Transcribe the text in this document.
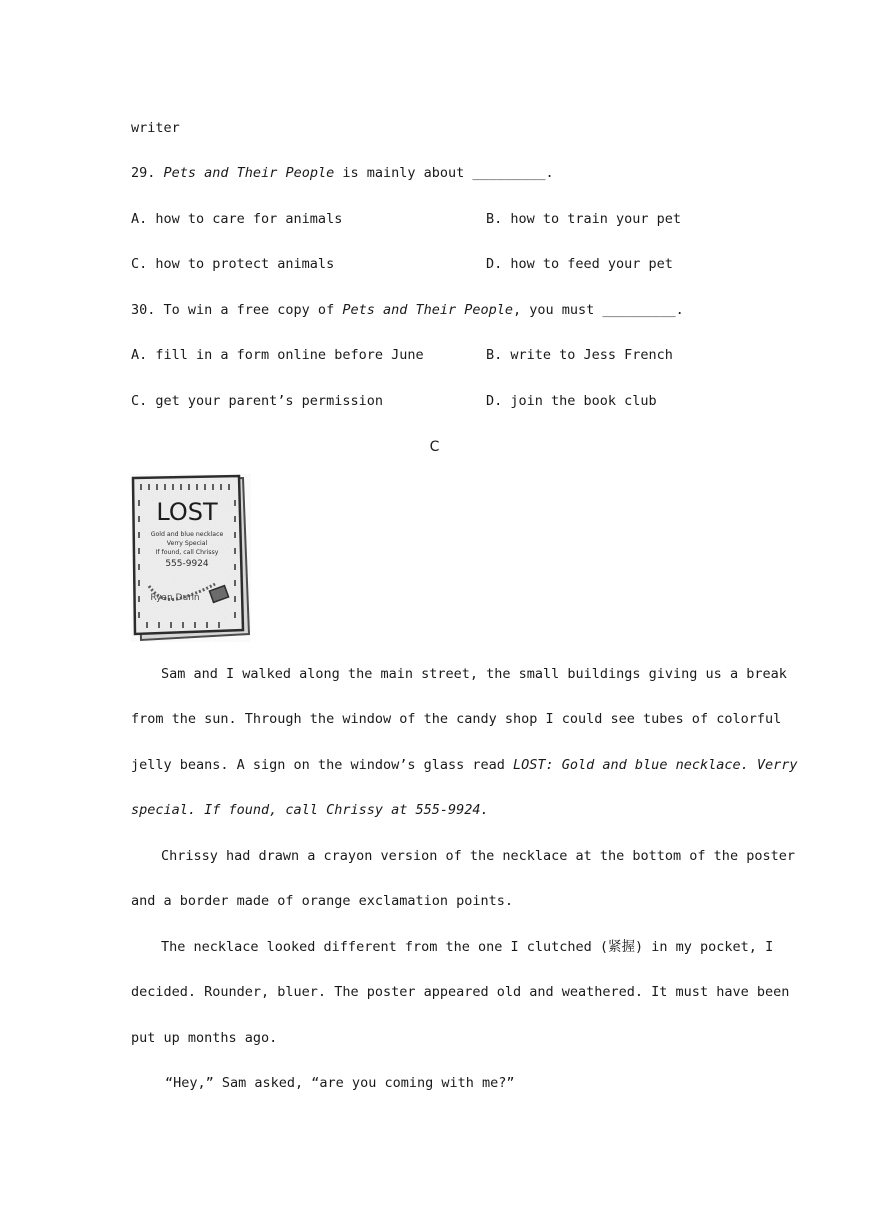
writer
29. Pets and Their People is mainly about _________.
A. how to care for animals	B. how to train your pet
C. how to protect animals	D. how to feed your pet
30. To win a free copy of Pets and Their People, you must _________.
A. fill in a form online before June	B. write to Jess French
C. get your parent’s permission	D. join the book club
C
LOST
Gold and blue necklace
Verry Special
If found, call Chrissy
555-9924
Ryan Dunn
Sam and I walked along the main street, the small buildings giving us a break
from the sun. Through the window of the candy shop I could see tubes of colorful
jelly beans. A sign on the window’s glass read LOST: Gold and blue necklace. Verry
special. If found, call Chrissy at 555-9924.
Chrissy had drawn a crayon version of the necklace at the bottom of the poster
and a border made of orange exclamation points.
The necklace looked different from the one I clutched (紧握) in my pocket, I
decided. Rounder, bluer. The poster appeared old and weathered. It must have been
put up months ago.
“Hey,” Sam asked, “are you coming with me?”
